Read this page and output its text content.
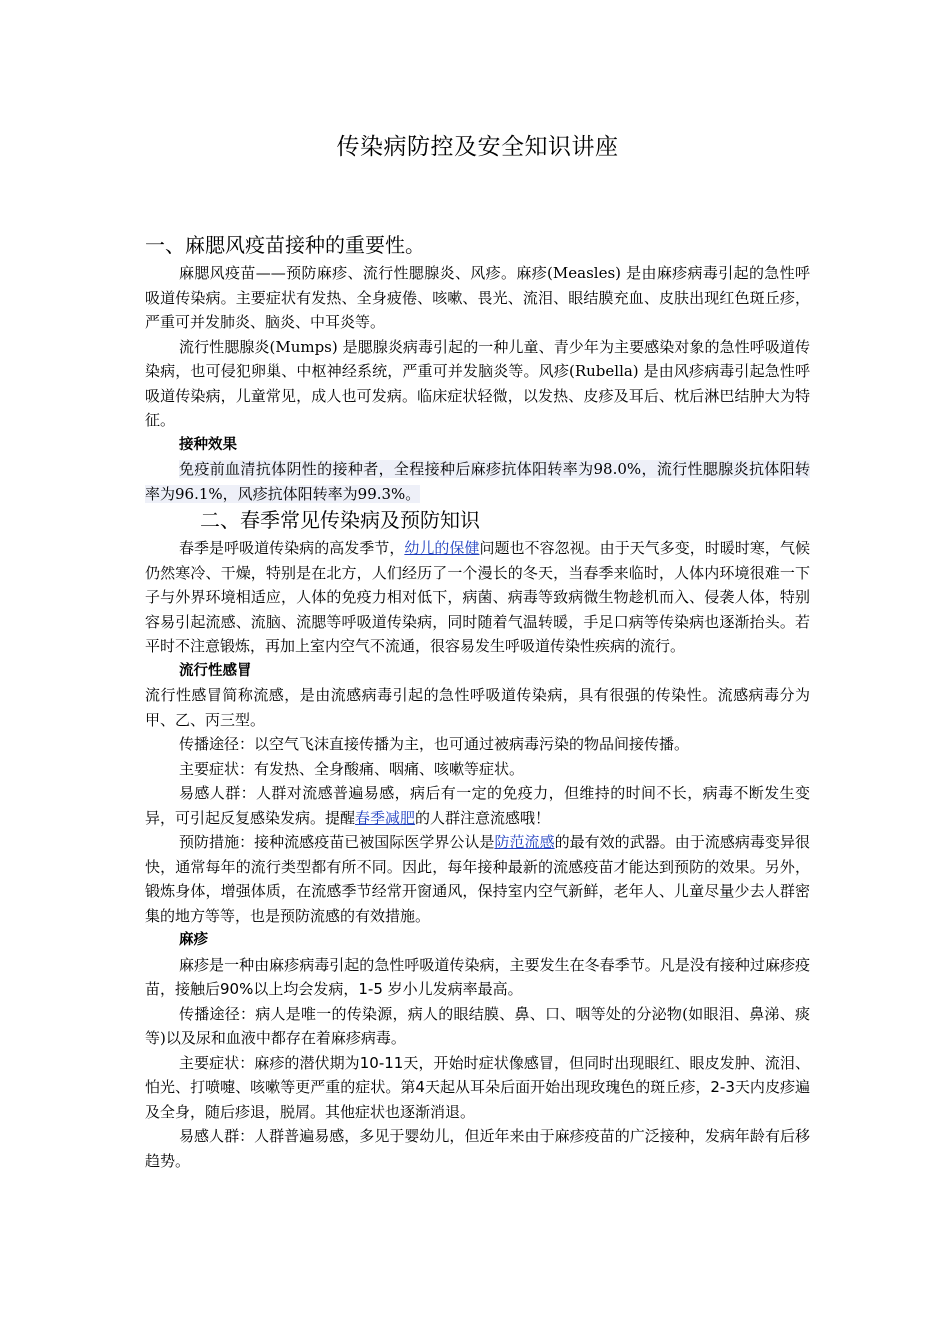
传染病防控及安全知识讲座
一、麻腮风疫苗接种的重要性。

麻腮风疫苗——预防麻疹、流行性腮腺炎、风疹。麻疹(Measles) 是由麻疹病毒引起的急性呼吸道传染病。主要症状有发热、全身疲倦、咳嗽、畏光、流泪、眼结膜充血、皮肤出现红色斑丘疹，严重可并发肺炎、脑炎、中耳炎等。

流行性腮腺炎(Mumps) 是腮腺炎病毒引起的一种儿童、青少年为主要感染对象的急性呼吸道传染病，也可侵犯卵巢、中枢神经系统，严重可并发脑炎等。风疹(Rubella) 是由风疹病毒引起急性呼吸道传染病，儿童常见，成人也可发病。临床症状轻微，以发热、皮疹及耳后、枕后淋巴结肿大为特征。

接种效果

免疫前血清抗体阴性的接种者，全程接种后麻疹抗体阳转率为98.0%，流行性腮腺炎抗体阳转率为96.1%，风疹抗体阳转率为99.3%。

二、春季常见传染病及预防知识

春季是呼吸道传染病的高发季节，幼儿的保健问题也不容忽视。由于天气多变，时暖时寒，气候仍然寒冷、干燥，特别是在北方，人们经历了一个漫长的冬天，当春季来临时，人体内环境很难一下子与外界环境相适应，人体的免疫力相对低下，病菌、病毒等致病微生物趁机而入、侵袭人体，特别容易引起流感、流脑、流腮等呼吸道传染病，同时随着气温转暖，手足口病等传染病也逐渐抬头。若平时不注意锻炼，再加上室内空气不流通，很容易发生呼吸道传染性疾病的流行。

流行性感冒

流行性感冒简称流感，是由流感病毒引起的急性呼吸道传染病，具有很强的传染性。流感病毒分为甲、乙、丙三型。

传播途径：以空气飞沫直接传播为主，也可通过被病毒污染的物品间接传播。

主要症状：有发热、全身酸痛、咽痛、咳嗽等症状。

易感人群：人群对流感普遍易感，病后有一定的免疫力，但维持的时间不长，病毒不断发生变异，可引起反复感染发病。提醒春季减肥的人群注意流感哦！

预防措施：接种流感疫苗已被国际医学界公认是防范流感的最有效的武器。由于流感病毒变异很快，通常每年的流行类型都有所不同。因此，每年接种最新的流感疫苗才能达到预防的效果。另外，锻炼身体，增强体质，在流感季节经常开窗通风，保持室内空气新鲜，老年人、儿童尽量少去人群密集的地方等等，也是预防流感的有效措施。

麻疹

麻疹是一种由麻疹病毒引起的急性呼吸道传染病，主要发生在冬春季节。凡是没有接种过麻疹疫苗，接触后90%以上均会发病，1-5 岁小儿发病率最高。

传播途径：病人是唯一的传染源，病人的眼结膜、鼻、口、咽等处的分泌物(如眼泪、鼻涕、痰等)以及尿和血液中都存在着麻疹病毒。

主要症状：麻疹的潜伏期为10-11天，开始时症状像感冒，但同时出现眼红、眼皮发肿、流泪、怕光、打喷嚏、咳嗽等更严重的症状。第4天起从耳朵后面开始出现玫瑰色的斑丘疹，2-3天内皮疹遍及全身，随后疹退，脱屑。其他症状也逐渐消退。

易感人群：人群普遍易感，多见于婴幼儿，但近年来由于麻疹疫苗的广泛接种，发病年龄有后移趋势。
